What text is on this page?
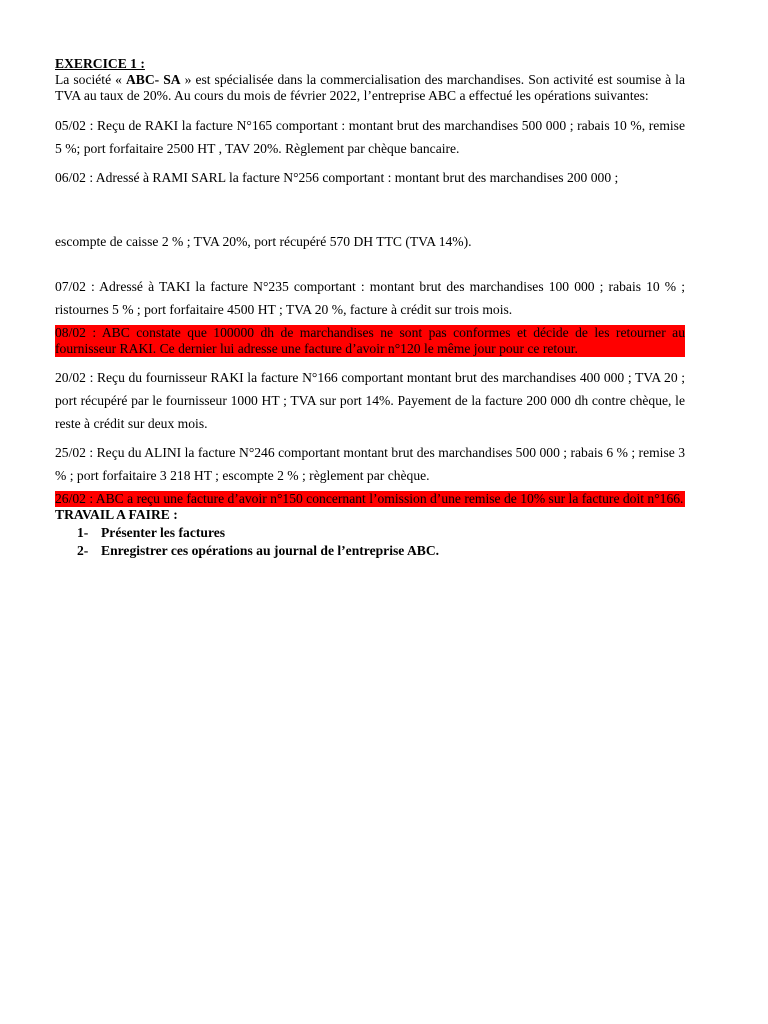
EXERCICE 1 :

La société « ABC- SA » est spécialisée dans la commercialisation des marchandises. Son activité est soumise à la TVA au taux de 20%. Au cours du mois de février 2022, l’entreprise ABC a effectué les opérations suivantes:

05/02 : Reçu de RAKI la facture N°165 comportant : montant brut des marchandises 500 000 ; rabais 10 %, remise 5 %; port forfaitaire 2500 HT , TAV 20%. Règlement par chèque bancaire.

06/02 : Adressé à RAMI SARL la facture N°256 comportant : montant brut des marchandises 200 000 ;

escompte de caisse 2 % ; TVA 20%, port récupéré 570 DH TTC (TVA 14%).

07/02 : Adressé à TAKI la facture N°235 comportant : montant brut des marchandises 100 000 ; rabais 10 % ; ristournes 5 % ; port forfaitaire 4500 HT ; TVA 20 %, facture à crédit sur trois mois.

08/02 : ABC constate que 100000 dh de marchandises ne sont pas conformes et décide de les retourner au fournisseur RAKI. Ce dernier lui adresse une facture d’avoir n°120 le même jour pour ce retour.

20/02 : Reçu du fournisseur RAKI la facture N°166 comportant montant brut des marchandises 400 000 ; TVA 20 ; port récupéré par le fournisseur 1000 HT ; TVA sur port 14%. Payement de la facture 200 000 dh contre chèque, le reste à crédit sur deux mois.

25/02 : Reçu du ALINI la facture N°246 comportant montant brut des marchandises 500 000 ; rabais 6 % ; remise 3 % ; port forfaitaire 3 218 HT ; escompte 2 % ; règlement par chèque.

26/02 : ABC a reçu une facture d’avoir n°150 concernant l’omission d’une remise de 10% sur la facture doit n°166.

TRAVAIL A FAIRE :

1- Présenter les factures
2- Enregistrer ces opérations au journal de l’entreprise ABC.
